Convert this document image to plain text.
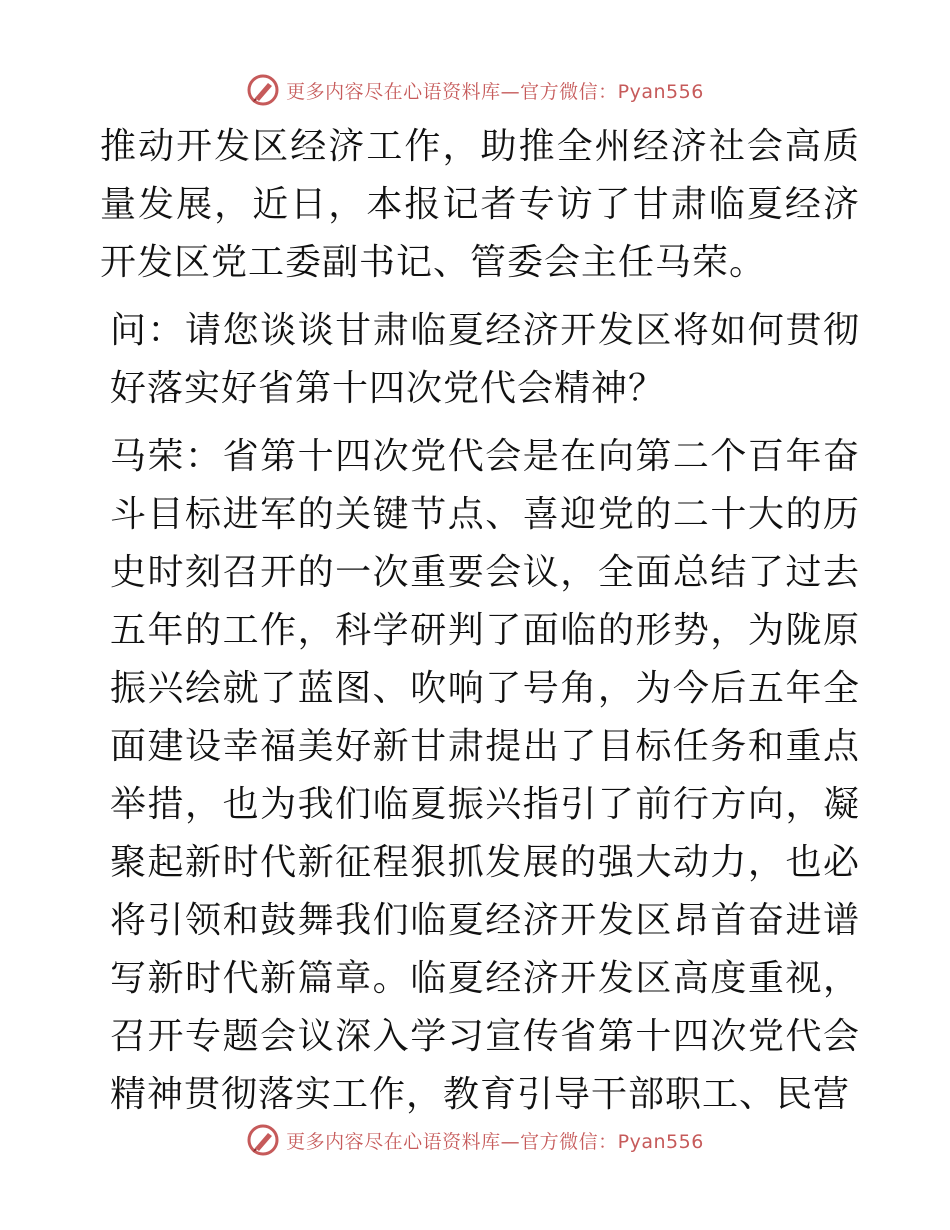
更多内容尽在心语资料库—官方微信：Pyan556

推动开发区经济工作，助推全州经济社会高质量发展，近日，本报记者专访了甘肃临夏经济开发区党工委副书记、管委会主任马荣。

问：请您谈谈甘肃临夏经济开发区将如何贯彻好落实好省第十四次党代会精神？

马荣：省第十四次党代会是在向第二个百年奋斗目标进军的关键节点、喜迎党的二十大的历史时刻召开的一次重要会议，全面总结了过去五年的工作，科学研判了面临的形势，为陇原振兴绘就了蓝图、吹响了号角，为今后五年全面建设幸福美好新甘肃提出了目标任务和重点举措，也为我们临夏振兴指引了前行方向，凝聚起新时代新征程狠抓发展的强大动力，也必将引领和鼓舞我们临夏经济开发区昂首奋进谱写新时代新篇章。临夏经济开发区高度重视，召开专题会议深入学习宣传省第十四次党代会精神贯彻落实工作，教育引导干部职工、民营

更多内容尽在心语资料库—官方微信：Pyan556
